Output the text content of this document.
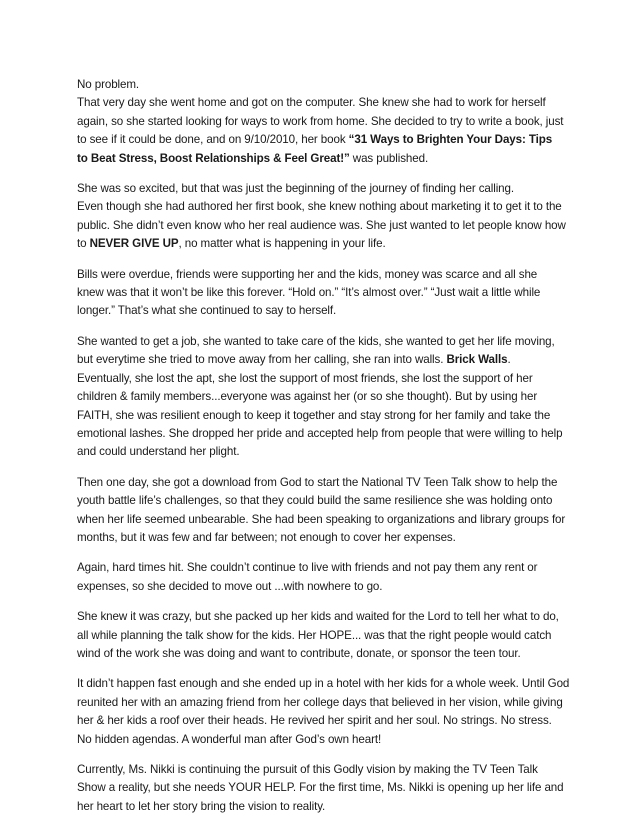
No problem.
That very day she went home and got on the computer. She knew she had to work for herself
again, so she started looking for ways to work from home. She decided to try to write a book, just
to see if it could be done, and on 9/10/2010, her book “31 Ways to Brighten Your Days: Tips
to Beat Stress, Boost Relationships & Feel Great!” was published.

She was so excited, but that was just the beginning of the journey of finding her calling.
Even though she had authored her first book, she knew nothing about marketing it to get it to the
public. She didn’t even know who her real audience was. She just wanted to let people know how
to NEVER GIVE UP, no matter what is happening in your life.

Bills were overdue, friends were supporting her and the kids, money was scarce and all she
knew was that it won’t be like this forever. “Hold on.” “It’s almost over.” “Just wait a little while
longer.” That’s what she continued to say to herself.

She wanted to get a job, she wanted to take care of the kids, she wanted to get her life moving,
but everytime she tried to move away from her calling, she ran into walls. Brick Walls.
Eventually, she lost the apt, she lost the support of most friends, she lost the support of her
children & family members...everyone was against her (or so she thought). But by using her
FAITH, she was resilient enough to keep it together and stay strong for her family and take the
emotional lashes. She dropped her pride and accepted help from people that were willing to help
and could understand her plight.

Then one day, she got a download from God to start the National TV Teen Talk show to help the
youth battle life’s challenges, so that they could build the same resilience she was holding onto
when her life seemed unbearable. She had been speaking to organizations and library groups for
months, but it was few and far between; not enough to cover her expenses.

Again, hard times hit. She couldn’t continue to live with friends and not pay them any rent or
expenses, so she decided to move out ...with nowhere to go.

She knew it was crazy, but she packed up her kids and waited for the Lord to tell her what to do,
all while planning the talk show for the kids. Her HOPE... was that the right people would catch
wind of the work she was doing and want to contribute, donate, or sponsor the teen tour.

It didn’t happen fast enough and she ended up in a hotel with her kids for a whole week. Until God
reunited her with an amazing friend from her college days that believed in her vision, while giving
her & her kids a roof over their heads. He revived her spirit and her soul. No strings. No stress.
No hidden agendas. A wonderful man after God’s own heart!

Currently, Ms. Nikki is continuing the pursuit of this Godly vision by making the TV Teen Talk
Show a reality, but she needs YOUR HELP. For the first time, Ms. Nikki is opening up her life and
her heart to let her story bring the vision to reality.
